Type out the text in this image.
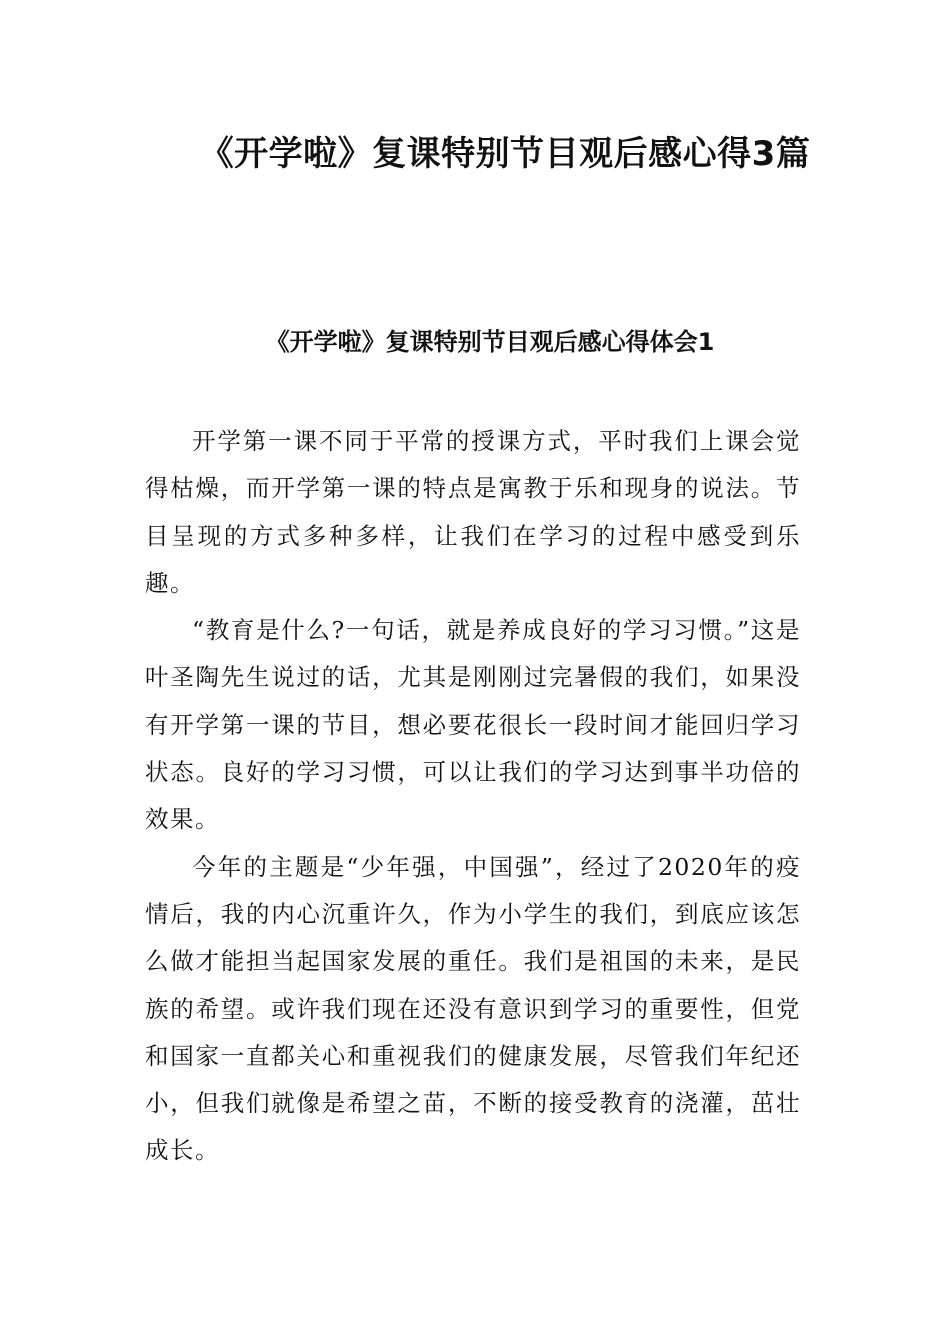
《开学啦》复课特别节目观后感心得3篇
《开学啦》复课特别节目观后感心得体会1

开学第一课不同于平常的授课方式，平时我们上课会觉得枯燥，而开学第一课的特点是寓教于乐和现身的说法。节目呈现的方式多种多样，让我们在学习的过程中感受到乐趣。

“教育是什么?一句话，就是养成良好的学习习惯。”这是叶圣陶先生说过的话，尤其是刚刚过完暑假的我们，如果没有开学第一课的节目，想必要花很长一段时间才能回归学习状态。良好的学习习惯，可以让我们的学习达到事半功倍的效果。

今年的主题是“少年强，中国强”，经过了2020年的疫情后，我的内心沉重许久，作为小学生的我们，到底应该怎么做才能担当起国家发展的重任。我们是祖国的未来，是民族的希望。或许我们现在还没有意识到学习的重要性，但党和国家一直都关心和重视我们的健康发展，尽管我们年纪还小，但我们就像是希望之苗，不断的接受教育的浇灌，茁壮成长。
